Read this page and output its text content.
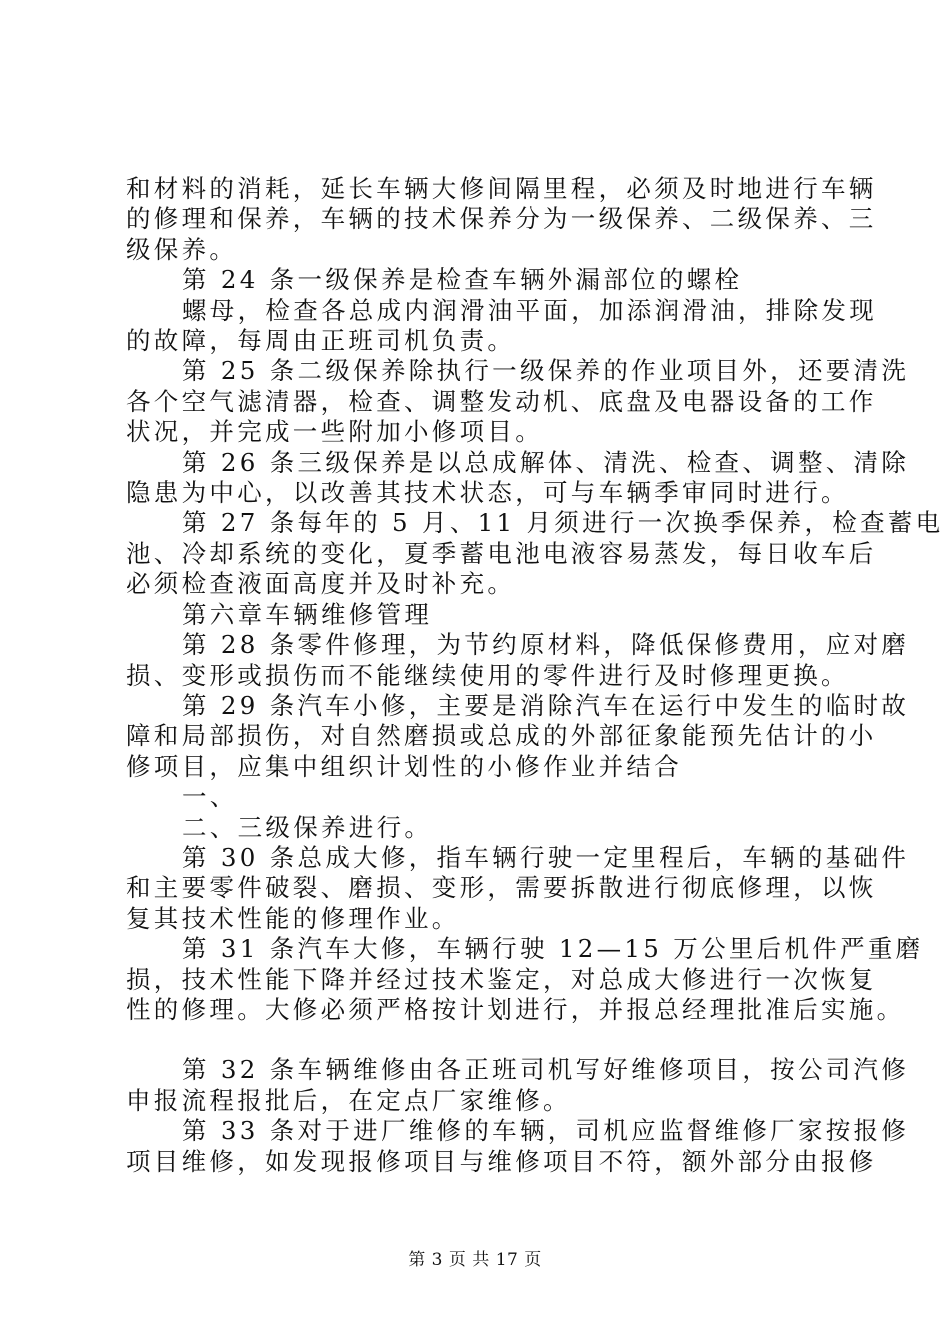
和材料的消耗，延长车辆大修间隔里程，必须及时地进行车辆
的修理和保养，车辆的技术保养分为一级保养、二级保养、三
级保养。

第 24 条一级保养是检查车辆外漏部位的螺栓

螺母，检查各总成内润滑油平面，加添润滑油，排除发现
的故障，每周由正班司机负责。

第 25 条二级保养除执行一级保养的作业项目外，还要清洗
各个空气滤清器，检查、调整发动机、底盘及电器设备的工作
状况，并完成一些附加小修项目。

第 26 条三级保养是以总成解体、清洗、检查、调整、清除
隐患为中心，以改善其技术状态，可与车辆季审同时进行。

第 27 条每年的 5 月、11 月须进行一次换季保养，检查蓄电
池、冷却系统的变化，夏季蓄电池电液容易蒸发，每日收车后
必须检查液面高度并及时补充。

第六章车辆维修管理

第 28 条零件修理，为节约原材料，降低保修费用，应对磨
损、变形或损伤而不能继续使用的零件进行及时修理更换。

第 29 条汽车小修，主要是消除汽车在运行中发生的临时故
障和局部损伤，对自然磨损或总成的外部征象能预先估计的小
修项目，应集中组织计划性的小修作业并结合

一、

二、三级保养进行。

第 30 条总成大修，指车辆行驶一定里程后，车辆的基础件
和主要零件破裂、磨损、变形，需要拆散进行彻底修理，以恢
复其技术性能的修理作业。

第 31 条汽车大修，车辆行驶 12—15 万公里后机件严重磨
损，技术性能下降并经过技术鉴定，对总成大修进行一次恢复
性的修理。大修必须严格按计划进行，并报总经理批准后实施。

第 32 条车辆维修由各正班司机写好维修项目，按公司汽修
申报流程报批后，在定点厂家维修。

第 33 条对于进厂维修的车辆，司机应监督维修厂家按报修
项目维修，如发现报修项目与维修项目不符，额外部分由报修

第 3 页 共 17 页
